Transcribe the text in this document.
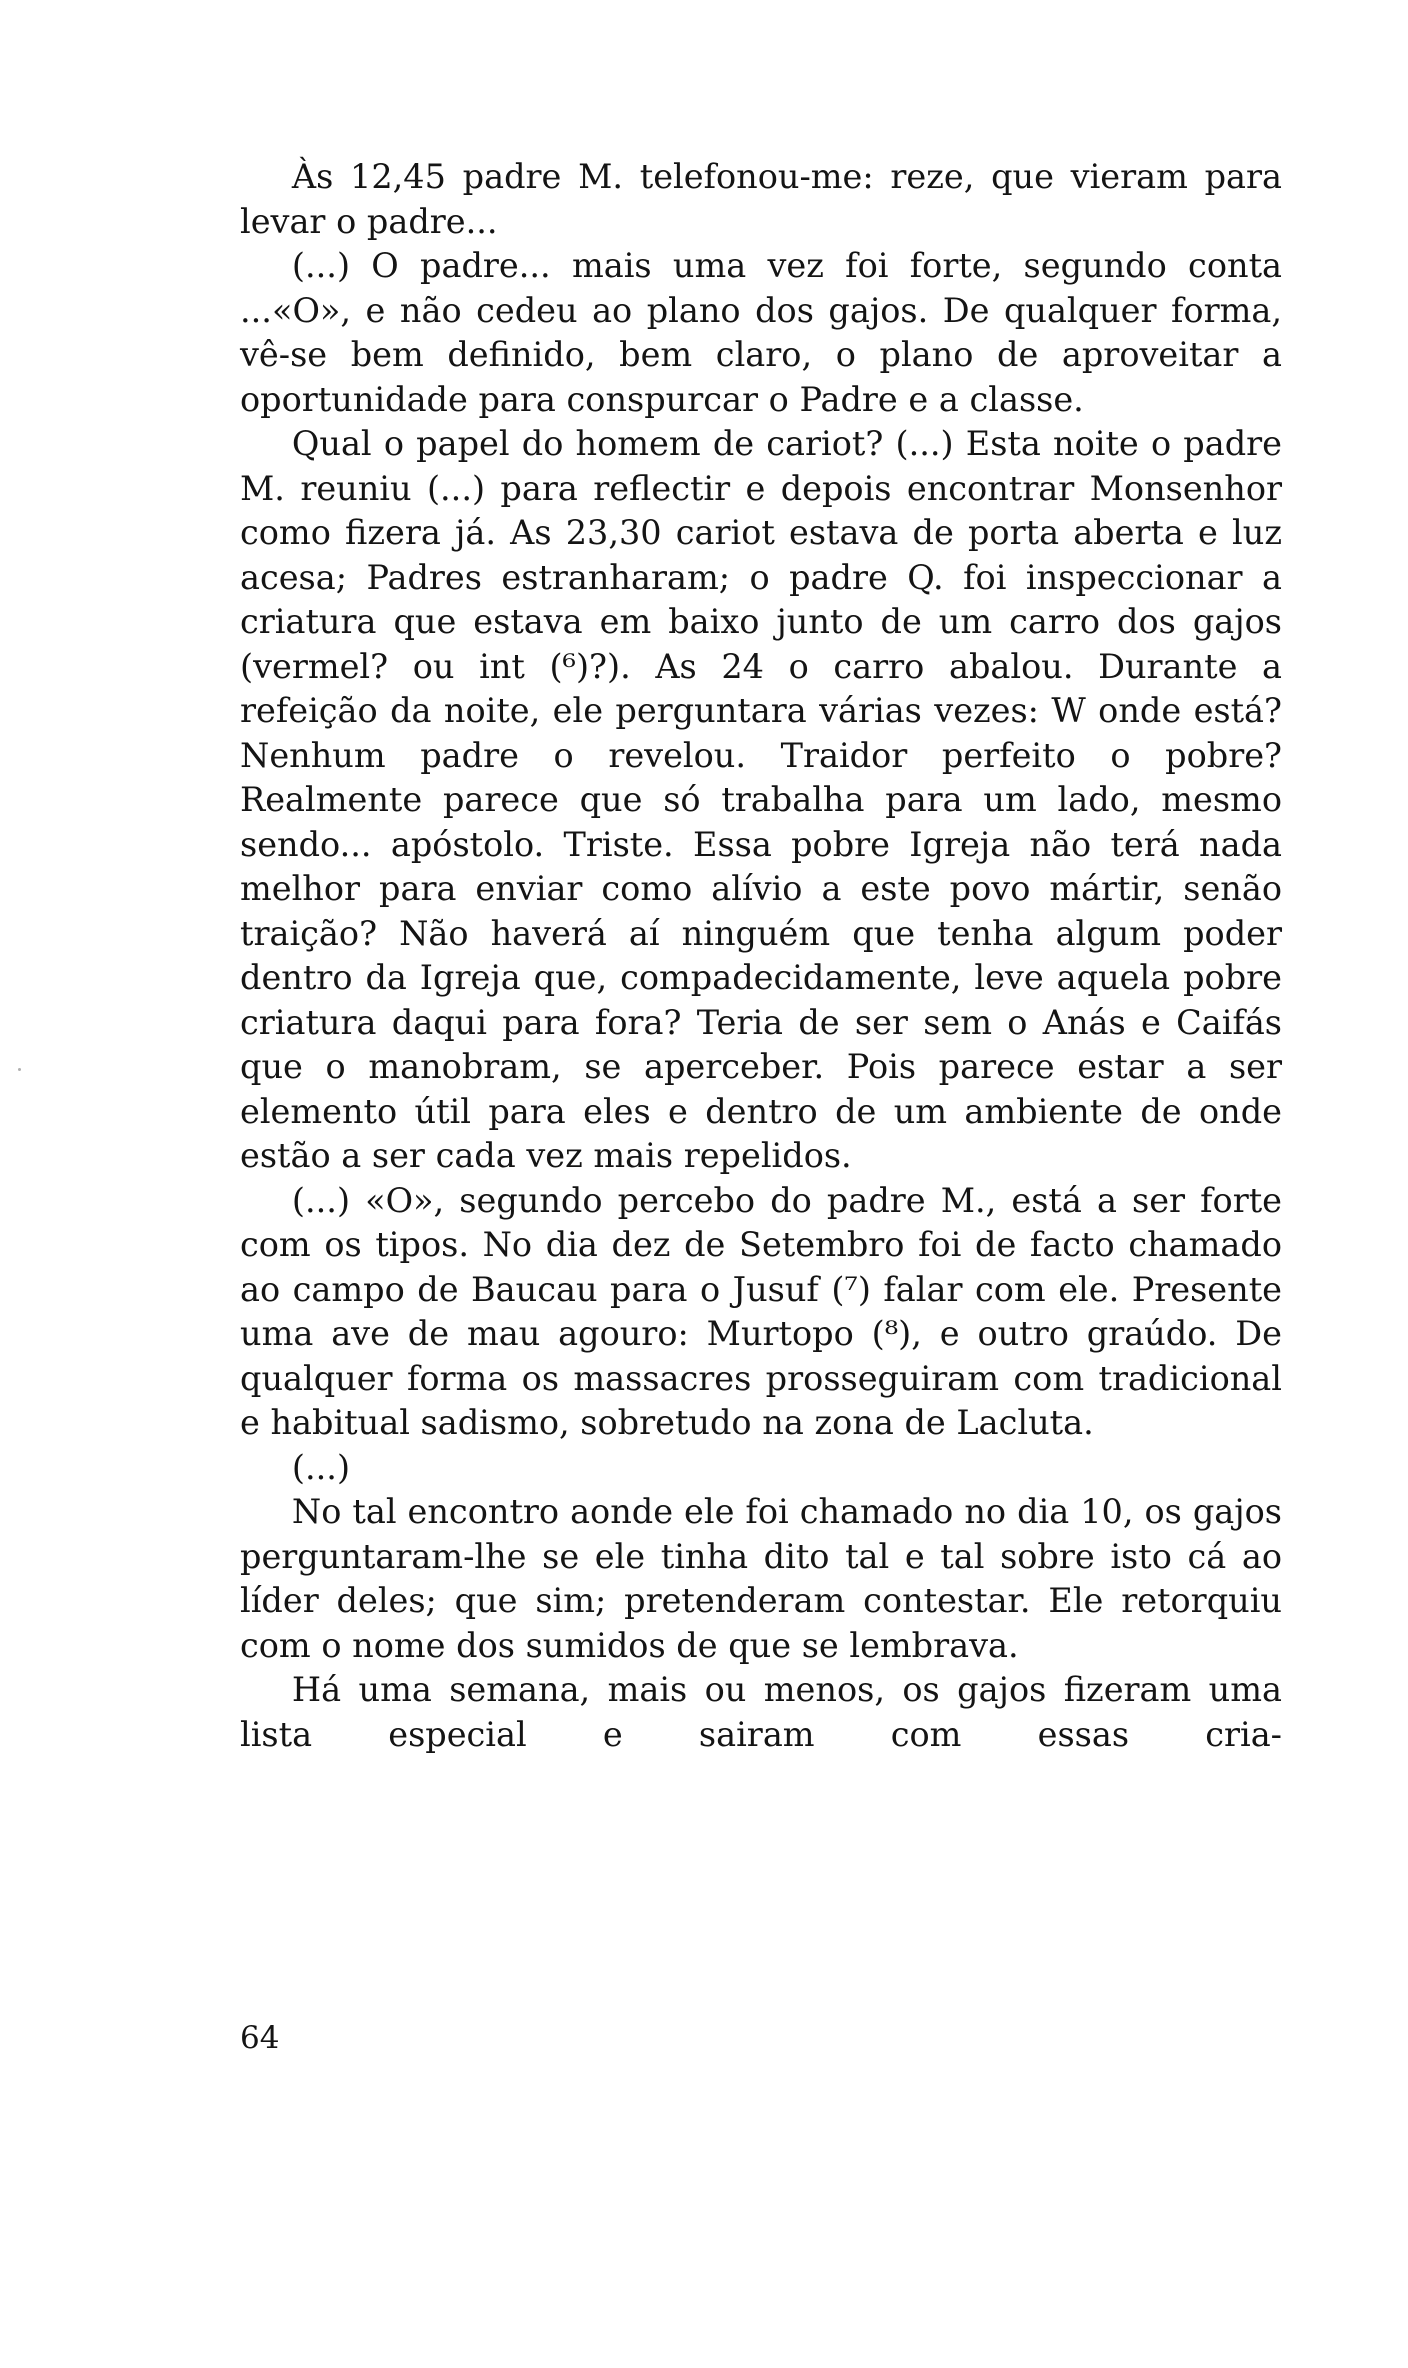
Às 12,45 padre M. telefonou-me: reze, que vieram para levar o padre...

(...) O padre... mais uma vez foi forte, segundo conta ...«O», e não cedeu ao plano dos gajos. De qualquer forma, vê-se bem definido, bem claro, o plano de aproveitar a oportunidade para conspurcar o Padre e a classe.

Qual o papel do homem de cariot? (...) Esta noite o padre M. reuniu (...) para reflectir e depois encontrar Monsenhor como fizera já. As 23,30 cariot estava de porta aberta e luz acesa; Padres estranharam; o padre Q. foi inspeccionar a criatura que estava em baixo junto de um carro dos gajos (vermel? ou int (⁶)?). As 24 o carro abalou. Durante a refeição da noite, ele perguntara várias vezes: W onde está? Nenhum padre o revelou. Traidor perfeito o pobre? Realmente parece que só trabalha para um lado, mesmo sendo... apóstolo. Triste. Essa pobre Igreja não terá nada melhor para enviar como alívio a este povo mártir, senão traição? Não haverá aí ninguém que tenha algum poder dentro da Igreja que, compadecidamente, leve aquela pobre criatura daqui para fora? Teria de ser sem o Anás e Caifás que o manobram, se aperceber. Pois parece estar a ser elemento útil para eles e dentro de um ambiente de onde estão a ser cada vez mais repelidos.

(...) «O», segundo percebo do padre M., está a ser forte com os tipos. No dia dez de Setembro foi de facto chamado ao campo de Baucau para o Jusuf (⁷) falar com ele. Presente uma ave de mau agouro: Murtopo (⁸), e outro graúdo. De qualquer forma os massacres prosseguiram com tradicional e habitual sadismo, sobretudo na zona de Lacluta.

(...)

No tal encontro aonde ele foi chamado no dia 10, os gajos perguntaram-lhe se ele tinha dito tal e tal sobre isto cá ao líder deles; que sim; pretenderam contestar. Ele retorquiu com o nome dos sumidos de que se lembrava.

Há uma semana, mais ou menos, os gajos fizeram uma lista especial e sairam com essas cria-

64
